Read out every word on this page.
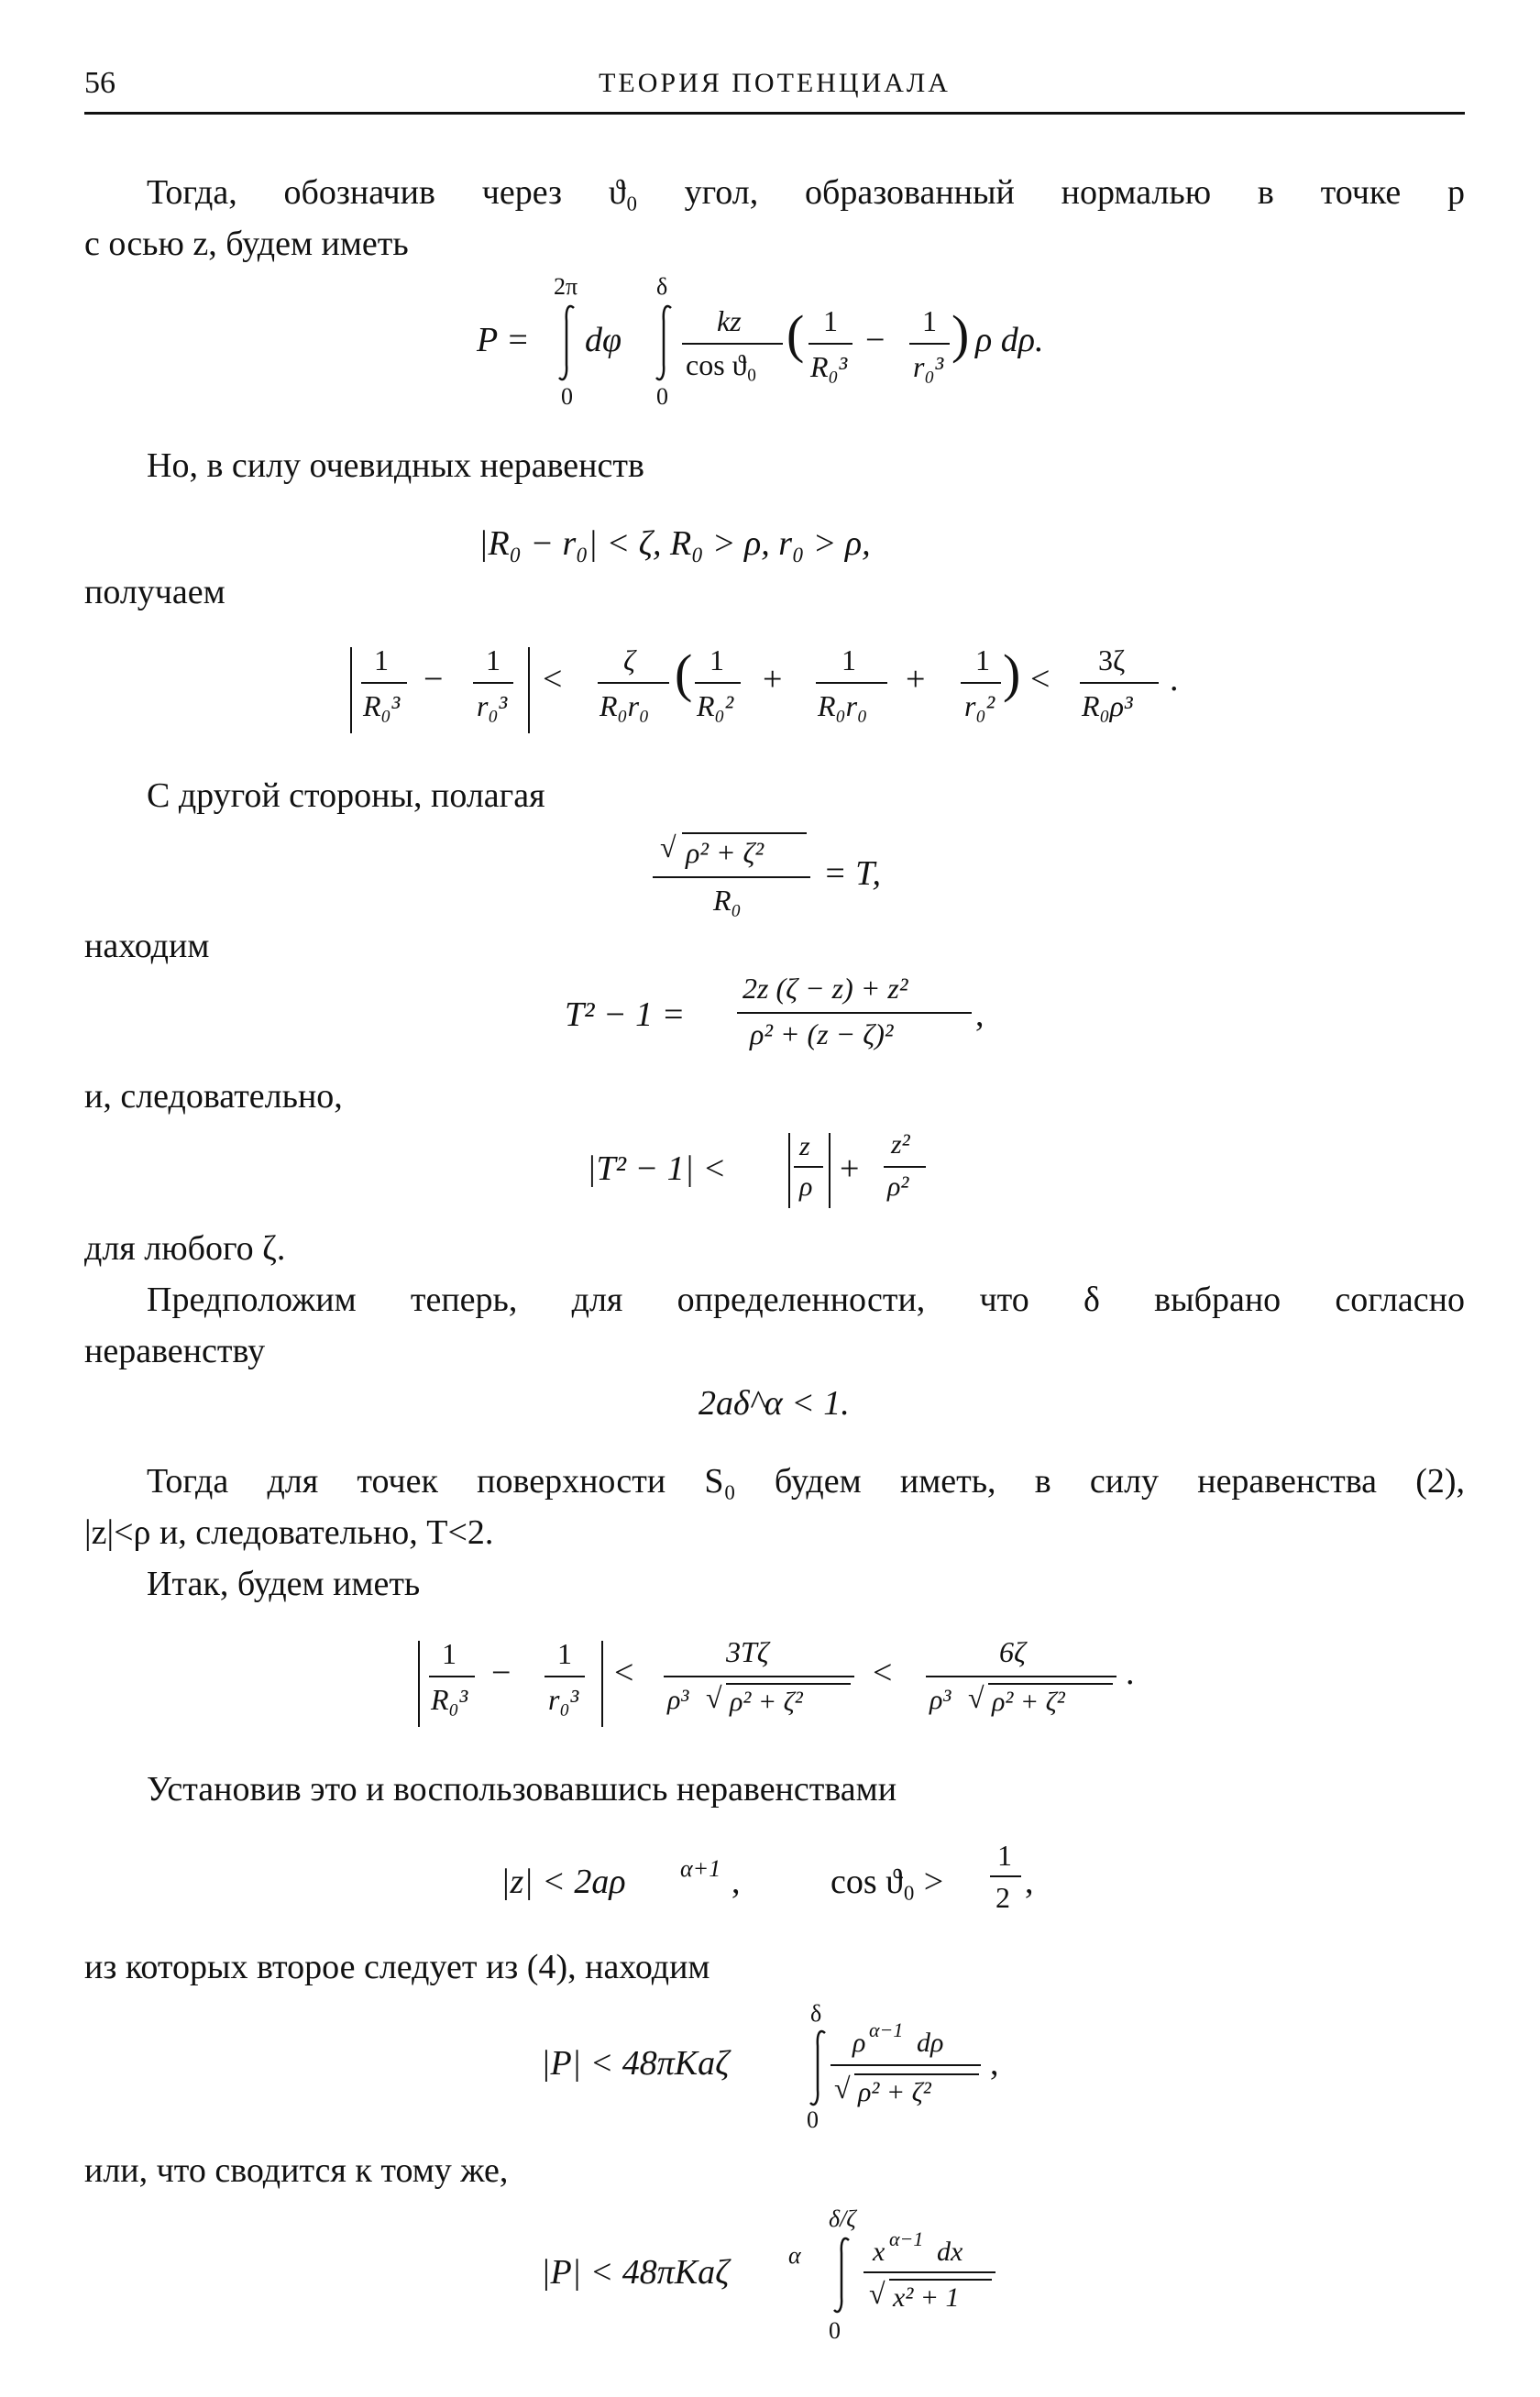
56	ТЕОРИЯ ПОТЕНЦИАЛА

Тогда, обозначив через ϑ₀ угол, образованный нормалью в точке p

с осью z, будем иметь

P =
2π
0
dφ
δ
0
kz
cos ϑ₀
( 1
R₀³
− 1
r₀³
) ρ dρ.

Но, в силу очевидных неравенств

|R₀ − r₀| < ζ, R₀ > ρ, r₀ > ρ,

получаем

1
R₀³
− 1
r₀³
< ζ
R₀r₀
( 1
R₀²
+ 1
R₀r₀
+ 1
r₀²
) < 3ζ
R₀ρ³
.

С другой стороны, полагая

√ ρ² + ζ²
R₀
= T,

находим

T² − 1 =
2z (ζ − z) + z²
ρ² + (z − ζ)² ,

и, следовательно,

|T² − 1| <
z
ρ +
z²
ρ²

для любого ζ.

Предположим теперь, для определенности, что δ выбрано согласно

неравенству

2aδ^α < 1.

Тогда для точек поверхности S₀ будем иметь, в силу неравенства (2),

|z|<ρ и, следовательно, T<2.

Итак, будем иметь

1
R₀³
− 1
r₀³
<
3Tζ
ρ³ √ ρ² + ζ²
<
6ζ
ρ³ √ ρ² + ζ²
.

Установив это и воспользовавшись неравенствами

|z| < 2aρ α+1 ,	cos ϑ₀ >
1
2 ,

из которых второе следует из (4), находим

|P| < 48πKaζ
δ
0
ρ α−1 dρ
√ ρ² + ζ²
,

или, что сводится к тому же,

|P| < 48πKaζ α
δ/ζ
0
x α−1 dx
√ x² + 1
